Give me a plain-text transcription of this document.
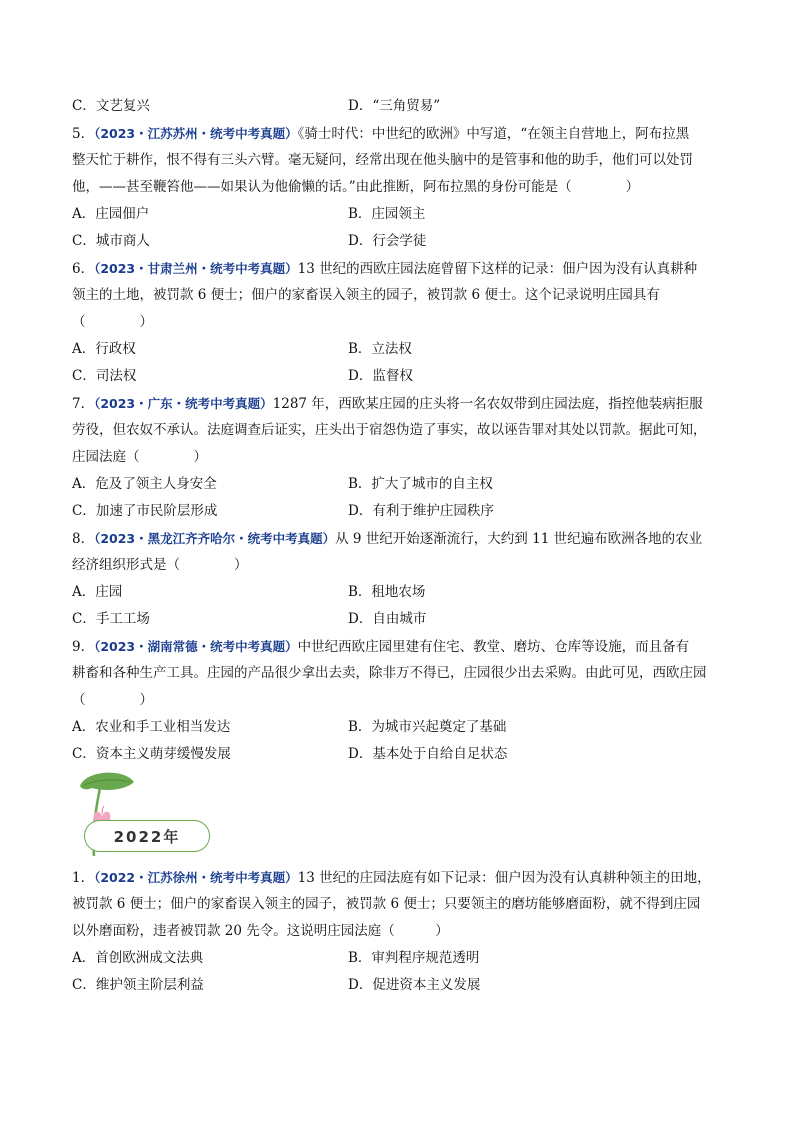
C．文艺复兴	D．“三角贸易”
5．（2023・江苏苏州・统考中考真题）《骑士时代：中世纪的欧洲》中写道，“在领主自营地上，阿布拉黑
整天忙于耕作，恨不得有三头六臂。毫无疑问，经常出现在他头脑中的是管事和他的助手，他们可以处罚
他，——甚至鞭笞他——如果认为他偷懒的话。”由此推断，阿布拉黑的身份可能是（　　　　）
A．庄园佃户	B．庄园领主
C．城市商人	D．行会学徒
6．（2023・甘肃兰州・统考中考真题）13 世纪的西欧庄园法庭曾留下这样的记录：佃户因为没有认真耕种
领主的土地，被罚款 6 便士；佃户的家畜误入领主的园子，被罚款 6 便士。这个记录说明庄园具有
（　　　　）
A．行政权	B．立法权
C．司法权	D．监督权
7．（2023・广东・统考中考真题）1287 年，西欧某庄园的庄头将一名农奴带到庄园法庭，指控他装病拒服
劳役，但农奴不承认。法庭调查后证实，庄头出于宿怨伪造了事实，故以诬告罪对其处以罚款。据此可知，
庄园法庭（　　　　）
A．危及了领主人身安全	B．扩大了城市的自主权
C．加速了市民阶层形成	D．有利于维护庄园秩序
8．（2023・黑龙江齐齐哈尔・统考中考真题）从 9 世纪开始逐渐流行，大约到 11 世纪遍布欧洲各地的农业
经济组织形式是（　　　　）
A．庄园	B．租地农场
C．手工工场	D．自由城市
9．（2023・湖南常德・统考中考真题）中世纪西欧庄园里建有住宅、教堂、磨坊、仓库等设施，而且备有
耕畜和各种生产工具。庄园的产品很少拿出去卖，除非万不得已，庄园很少出去采购。由此可见，西欧庄园
（　　　　）
A．农业和手工业相当发达	B．为城市兴起奠定了基础
C．资本主义萌芽缓慢发展	D．基本处于自给自足状态
2022年
1．（2022・江苏徐州・统考中考真题）13 世纪的庄园法庭有如下记录：佃户因为没有认真耕种领主的田地，
被罚款 6 便士；佃户的家畜误入领主的园子，被罚款 6 便士；只要领主的磨坊能够磨面粉，就不得到庄园
以外磨面粉，违者被罚款 20 先令。这说明庄园法庭（　　　）
A．首创欧洲成文法典	B．审判程序规范透明
C．维护领主阶层利益	D．促进资本主义发展
